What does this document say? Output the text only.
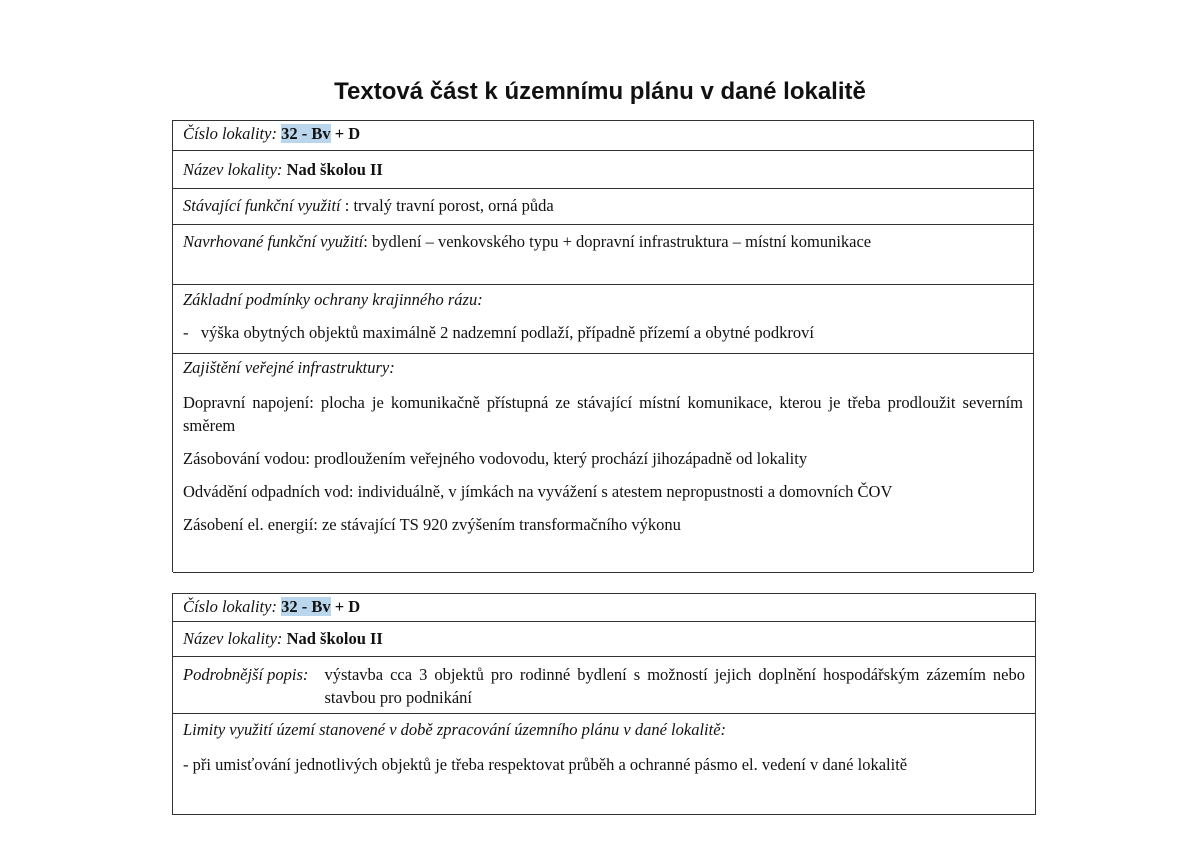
Textová část k územnímu plánu v dané lokalitě
Číslo lokality: 32 - Bv + D
Název lokality: Nad školou II
Stávající funkční využití : trvalý travní porost, orná půda
Navrhované funkční využití: bydlení – venkovského typu + dopravní infrastruktura – místní komunikace

Základní podmínky ochrany krajinného rázu:

-   výška obytných objektů maximálně 2 nadzemní podlaží, případně přízemí a obytné podkroví

Zajištění veřejné infrastruktury:

Dopravní napojení: plocha je komunikačně přístupná ze stávající místní komunikace, kterou je třeba prodloužit severním směrem

Zásobování vodou: prodloužením veřejného vodovodu, který prochází jihozápadně od lokality

Odvádění odpadních vod: individuálně, v jímkách na vyvážení s atestem nepropustnosti a domovních ČOV

Zásobení el. energií: ze stávající TS 920 zvýšením transformačního výkonu

Číslo lokality: 32 - Bv + D
Název lokality: Nad školou II
Podrobnější popis: výstavba cca 3 objektů pro rodinné bydlení s možností jejich doplnění hospodářským zázemím nebo stavbou pro podnikání

Limity využití území stanovené v době zpracování územního plánu v dané lokalitě:

- při umisťování jednotlivých objektů je třeba respektovat průběh a ochranné pásmo el. vedení v dané lokalitě
